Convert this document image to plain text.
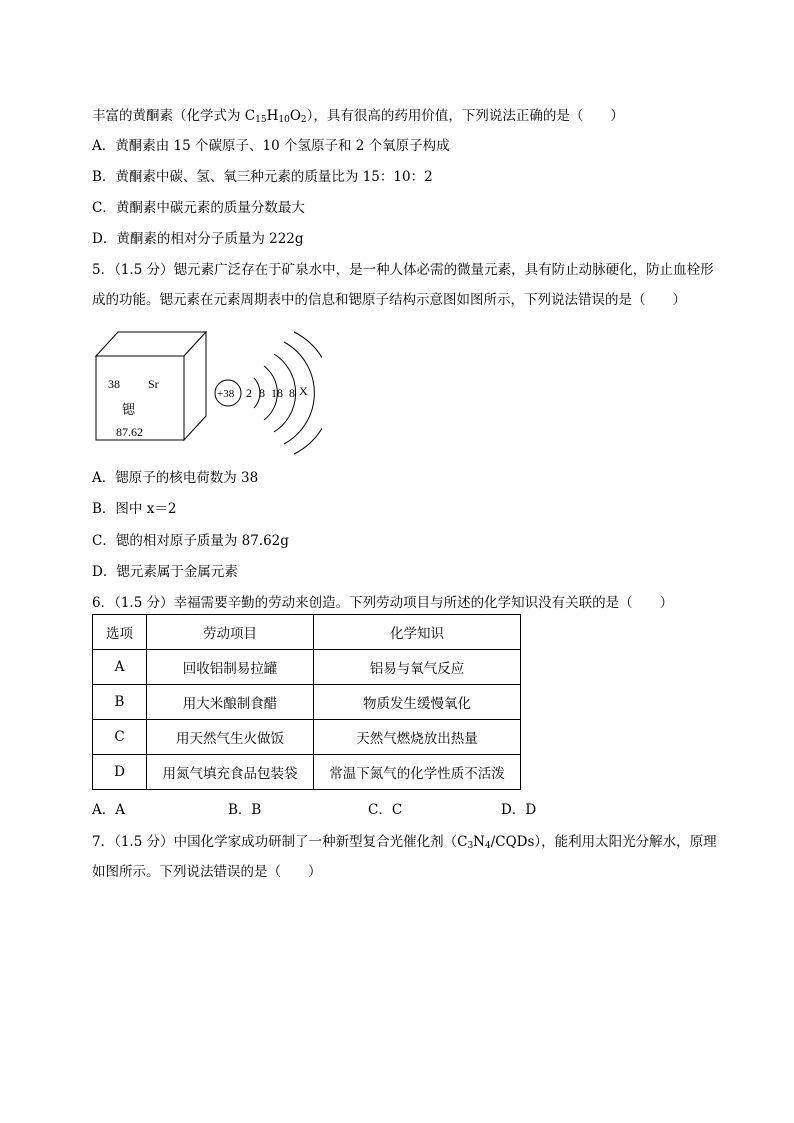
丰富的黄酮素（化学式为 $C_{15}H_{10}O_2$），具有很高的药用价值，下列说法正确的是（　　）
A．黄酮素由 15 个碳原子、10 个氢原子和 2 个氧原子构成
B．黄酮素中碳、氢、氧三种元素的质量比为 15：10：2
C．黄酮素中碳元素的质量分数最大
D．黄酮素的相对分子质量为 222g
5．（1.5 分）锶元素广泛存在于矿泉水中，是一种人体必需的微量元素，具有防止动脉硬化，防止血栓形
成的功能。锶元素在元素周期表中的信息和锶原子结构示意图如图所示，下列说法错误的是（　　）
38 Sr
锶
87.62
+38 2 8 18 8 X
A．锶原子的核电荷数为 38
B．图中 x＝2
C．锶的相对原子质量为 87.62g
D．锶元素属于金属元素
6．（1.5 分）幸福需要辛勤的劳动来创造。下列劳动项目与所述的化学知识没有关联的是（　　）
选项	劳动项目	化学知识
A	回收铝制易拉罐	铝易与氧气反应
B	用大米酿制食醋	物质发生缓慢氧化
C	用天然气生火做饭	天然气燃烧放出热量
D	用氮气填充食品包装袋	常温下氮气的化学性质不活泼
A．A	B．B	C．C	D．D
7．（1.5 分）中国化学家成功研制了一种新型复合光催化剂$(C_3N_4/CQDs)$，能利用太阳光分解水，原理
如图所示。下列说法错误的是（　　）
